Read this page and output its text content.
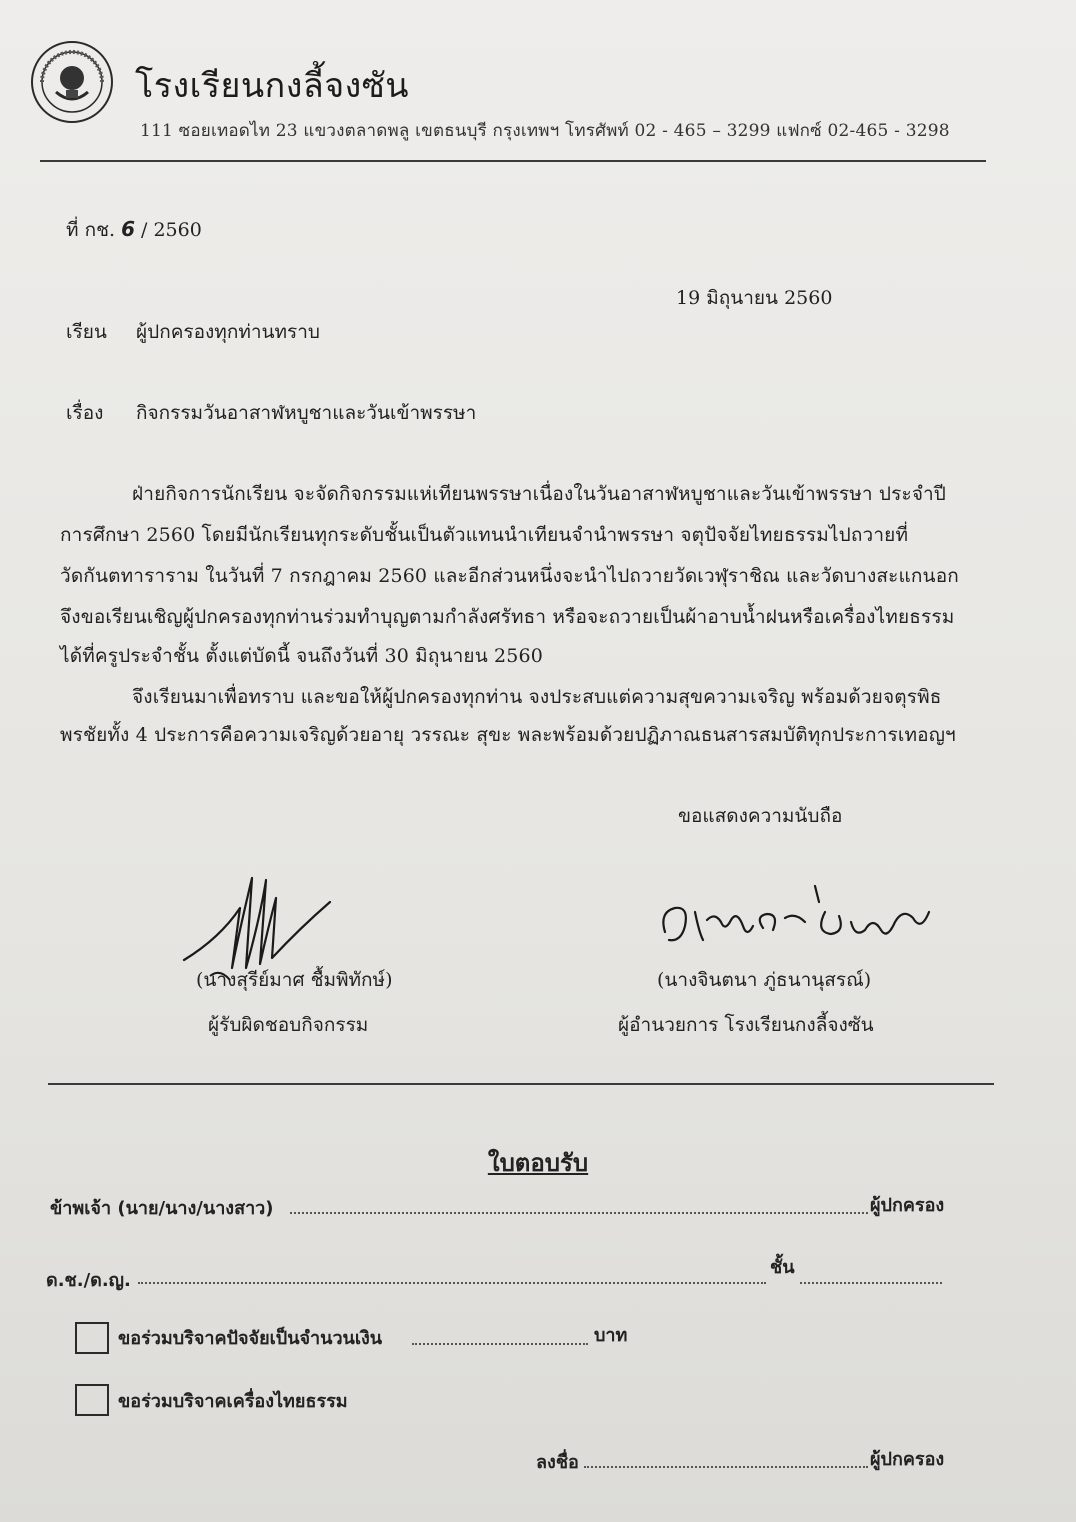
โรงเรียนกงลี้จงซัน
111 ซอยเทอดไท 23 แขวงตลาดพลู เขตธนบุรี กรุงเทพฯ โทรศัพท์ 02 - 465 – 3299 แฟกซ์ 02-465 - 3298
ที่ กช. 6 / 2560
19 มิถุนายน 2560
เรียน ผู้ปกครองทุกท่านทราบ
เรื่อง กิจกรรมวันอาสาฬหบูชาและวันเข้าพรรษา
ฝ่ายกิจการนักเรียน จะจัดกิจกรรมแห่เทียนพรรษาเนื่องในวันอาสาฬหบูชาและวันเข้าพรรษา ประจำปี
การศึกษา 2560 โดยมีนักเรียนทุกระดับชั้นเป็นตัวแทนนำเทียนจำนำพรรษา จตุปัจจัยไทยธรรมไปถวายที่
วัดกันตทาราราม ในวันที่ 7 กรกฎาคม 2560 และอีกส่วนหนึ่งจะนำไปถวายวัดเวฬุราชิณ และวัดบางสะแกนอก
จึงขอเรียนเชิญผู้ปกครองทุกท่านร่วมทำบุญตามกำลังศรัทธา หรือจะถวายเป็นผ้าอาบน้ำฝนหรือเครื่องไทยธรรม
ได้ที่ครูประจำชั้น ตั้งแต่บัดนี้ จนถึงวันที่ 30 มิถุนายน 2560
จึงเรียนมาเพื่อทราบ และขอให้ผู้ปกครองทุกท่าน จงประสบแต่ความสุขความเจริญ พร้อมด้วยจตุรพิธ
พรชัยทั้ง 4 ประการคือความเจริญด้วยอายุ วรรณะ สุขะ พละพร้อมด้วยปฏิภาณธนสารสมบัติทุกประการเทอญฯ
ขอแสดงความนับถือ
(นางสุรีย์มาศ ชื้มพิทักษ์)
ผู้รับผิดชอบกิจกรรม
(นางจินตนา ภู่ธนานุสรณ์)
ผู้อำนวยการ โรงเรียนกงลี้จงซัน
ใบตอบรับ
ข้าพเจ้า (นาย/นาง/นางสาว)	ผู้ปกครอง
ด.ช./ด.ญ.
ชั้น
ขอร่วมบริจาคปัจจัยเป็นจำนวนเงิน	บาท
ขอร่วมบริจาคเครื่องไทยธรรม
ลงชื่อ	ผู้ปกครอง
